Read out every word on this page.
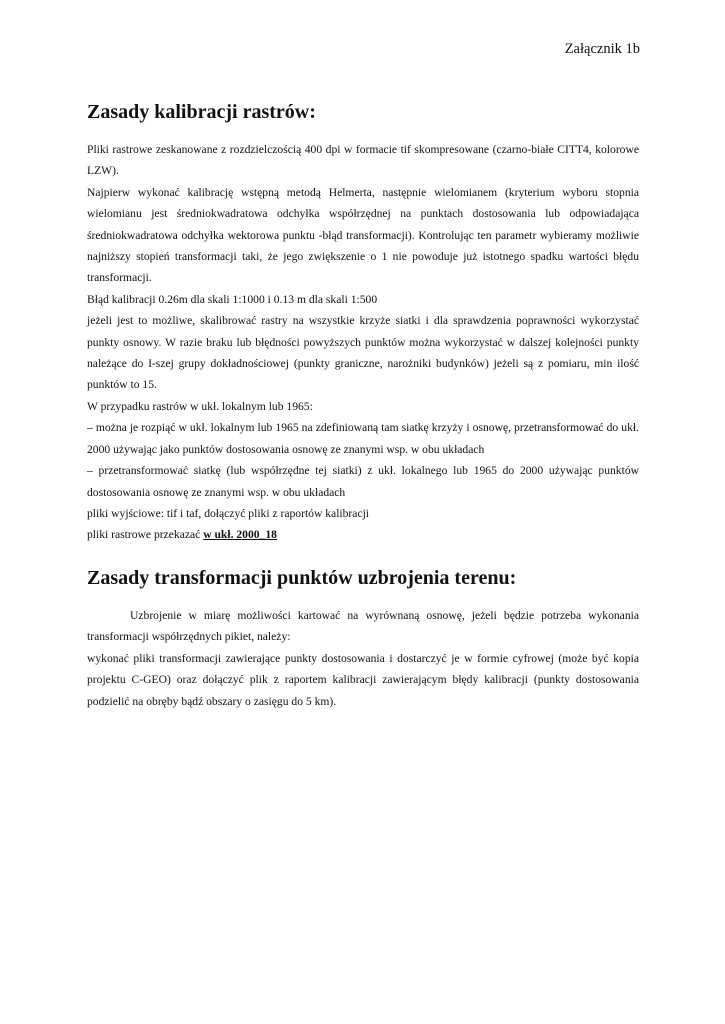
Załącznik 1b
Zasady kalibracji rastrów:

Pliki rastrowe zeskanowane z rozdzielczością 400 dpi w formacie tif skompresowane (czarno-białe CITT4, kolorowe LZW).

Najpierw wykonać kalibrację wstępną metodą Helmerta, następnie wielomianem (kryterium wyboru stopnia wielomianu jest średniokwadratowa odchyłka współrzędnej na punktach dostosowania lub odpowiadająca średniokwadratowa odchyłka wektorowa punktu -błąd transformacji). Kontrolując ten parametr wybieramy możliwie najniższy stopień transformacji taki, że jego zwiększenie o 1 nie powoduje już istotnego spadku wartości błędu transformacji.

Błąd kalibracji 0.26m dla skali 1:1000 i 0.13 m dla skali 1:500

jeżeli jest to możliwe, skalibrować rastry na wszystkie krzyże siatki i dla sprawdzenia poprawności wykorzystać punkty osnowy. W razie braku lub błędności powyższych punktów można wykorzystać w dalszej kolejności punkty należące do I-szej grupy dokładnościowej (punkty graniczne, narożniki budynków) jeżeli są z pomiaru, min ilość punktów to 15.

W przypadku rastrów w ukł. lokalnym lub 1965:

– można je rozpiąć w ukł. lokalnym lub 1965 na zdefiniowaną tam siatkę krzyży i osnowę, przetransformować do ukł. 2000 używając jako punktów dostosowania osnowę ze znanymi wsp. w obu układach

– przetransformować siatkę (lub współrzędne tej siatki) z ukł. lokalnego lub 1965 do 2000 używając punktów dostosowania osnowę ze znanymi wsp. w obu układach

pliki wyjściowe: tif i taf, dołączyć pliki z raportów kalibracji

pliki rastrowe przekazać w ukł. 2000_18

Zasady transformacji punktów uzbrojenia terenu:

Uzbrojenie w miarę możliwości kartować na wyrównaną osnowę, jeżeli będzie potrzeba wykonania transformacji współrzędnych pikiet, należy:

wykonać pliki transformacji zawierające punkty dostosowania i dostarczyć je w formie cyfrowej (może być kopia projektu C-GEO) oraz dołączyć plik z raportem kalibracji zawierającym błędy kalibracji (punkty dostosowania podzielić na obręby bądź obszary o zasięgu do 5 km).
